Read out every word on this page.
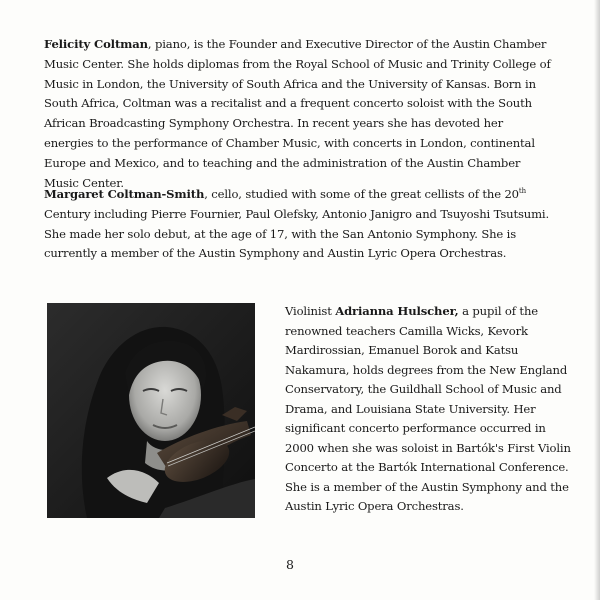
Felicity Coltman, piano, is the Founder and Executive Director of the Austin Chamber Music Center. She holds diplomas from the Royal School of Music and Trinity College of Music in London, the University of South Africa and the University of Kansas. Born in South Africa, Coltman was a recitalist and a frequent concerto soloist with the South African Broadcasting Symphony Orchestra. In recent years she has devoted her energies to the performance of Chamber Music, with concerts in London, continental Europe and Mexico, and to teaching and the administration of the Austin Chamber Music Center.

Margaret Coltman-Smith, cello, studied with some of the great cellists of the 20th Century including Pierre Fournier, Paul Olefsky, Antonio Janigro and Tsuyoshi Tsutsumi. She made her solo debut, at the age of 17, with the San Antonio Symphony. She is currently a member of the Austin Symphony and Austin Lyric Opera Orchestras.

Violinist Adrianna Hulscher, a pupil of the renowned teachers Camilla Wicks, Kevork Mardirossian, Emanuel Borok and Katsu Nakamura, holds degrees from the New England Conservatory, the Guildhall School of Music and Drama, and Louisiana State University. Her significant concerto performance occurred in 2000 when she was soloist in Bartók's First Violin Concerto at the Bartók International Conference. She is a member of the Austin Symphony and the Austin Lyric Opera Orchestras.

8
